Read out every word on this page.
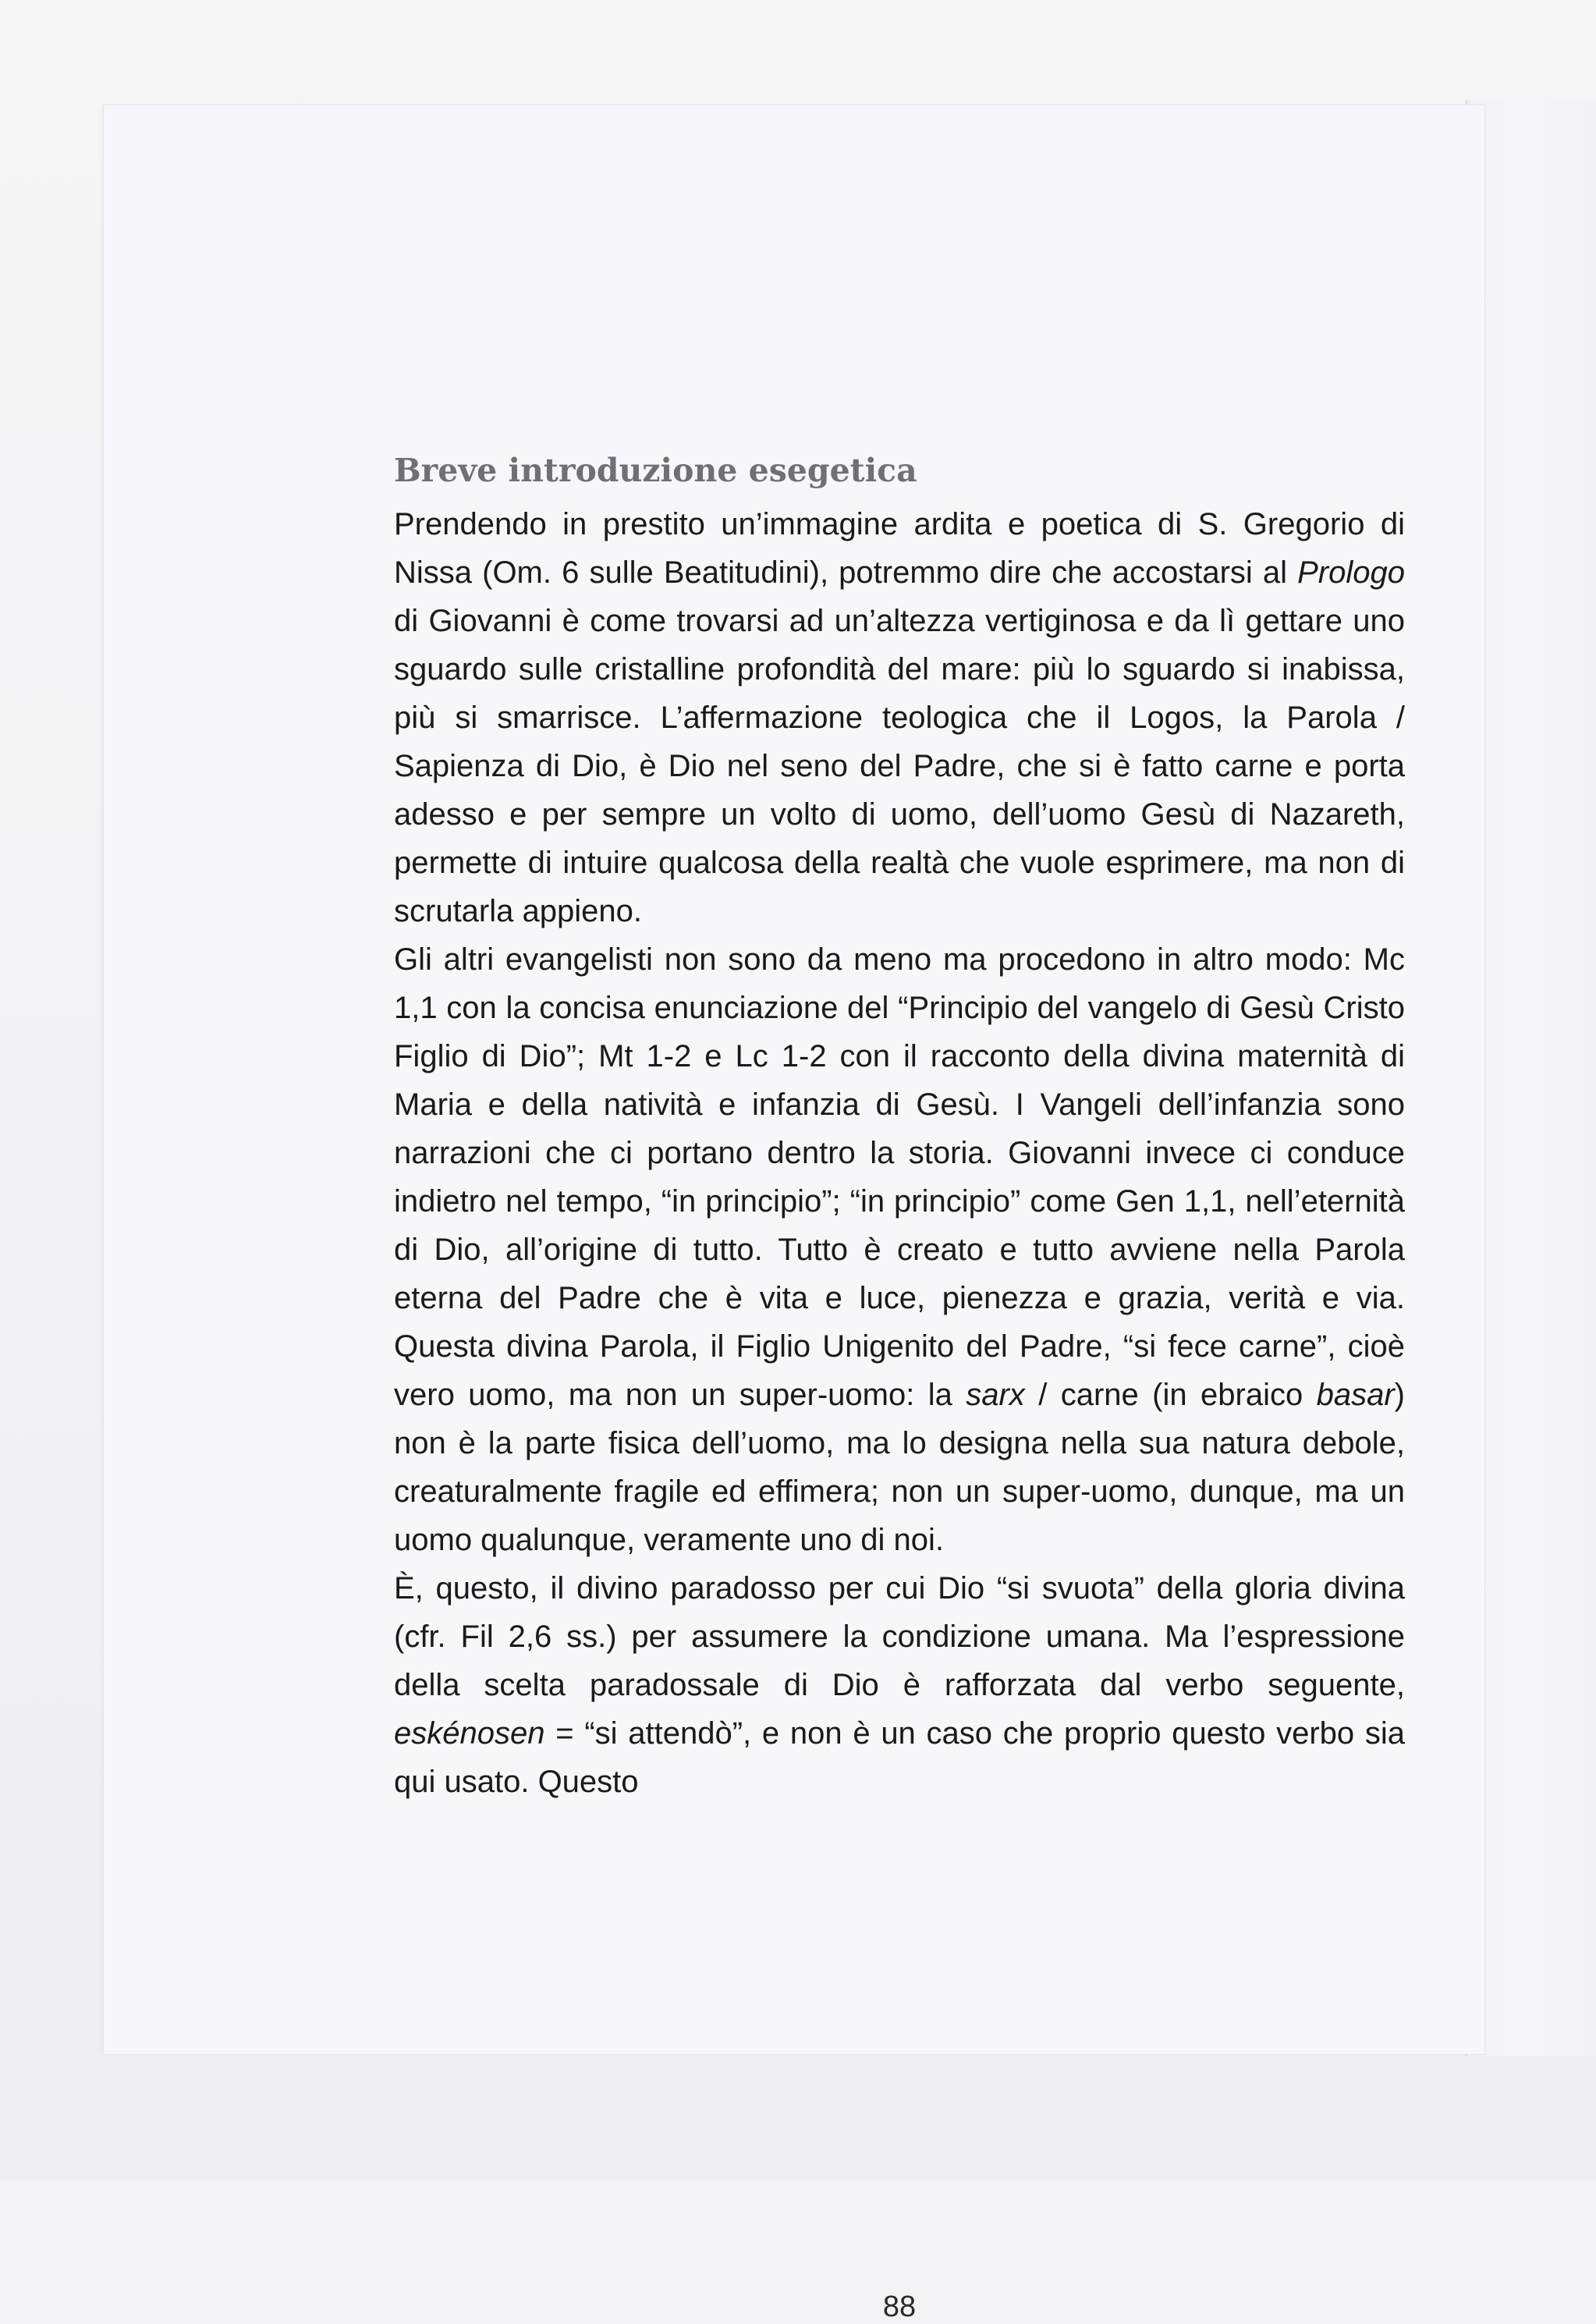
Breve introduzione esegetica

Prendendo in prestito un’immagine ardita e poetica di S. Gregorio di Nissa (Om. 6 sulle Beatitudini), potremmo dire che accostarsi al Prologo di Giovanni è come trovarsi ad un’altezza vertiginosa e da lì gettare uno sguardo sulle cristalline profondità del mare: più lo sguardo si inabissa, più si smarrisce. L’affermazione teologica che il Logos, la Parola / Sapienza di Dio, è Dio nel seno del Padre, che si è fatto carne e porta adesso e per sempre un volto di uomo, dell’uomo Gesù di Nazareth, permette di intuire qualcosa della realtà che vuole esprimere, ma non di scrutarla appieno.

Gli altri evangelisti non sono da meno ma procedono in altro modo: Mc 1,1 con la concisa enunciazione del “Principio del vangelo di Gesù Cristo Figlio di Dio”; Mt 1-2 e Lc 1-2 con il racconto della divina maternità di Maria e della natività e infanzia di Gesù. I Vangeli dell’infanzia sono narrazioni che ci portano dentro la storia. Giovanni invece ci conduce indietro nel tempo, “in principio”; “in principio” come Gen 1,1, nell’eternità di Dio, all’origine di tutto. Tutto è creato e tutto avviene nella Parola eterna del Padre che è vita e luce, pienezza e grazia, verità e via. Questa divina Parola, il Figlio Unigenito del Padre, “si fece carne”, cioè vero uomo, ma non un super-uomo: la sarx / carne (in ebraico basar) non è la parte fisica dell’uomo, ma lo designa nella sua natura debole, creaturalmente fragile ed effimera; non un super-uomo, dunque, ma un uomo qualunque, veramente uno di noi.

È, questo, il divino paradosso per cui Dio “si svuota” della gloria divina (cfr. Fil 2,6 ss.) per assumere la condizione umana. Ma l’espressione della scelta paradossale di Dio è rafforzata dal verbo seguente, eskénosen = “si attendò”, e non è un caso che proprio questo verbo sia qui usato. Questo

88
